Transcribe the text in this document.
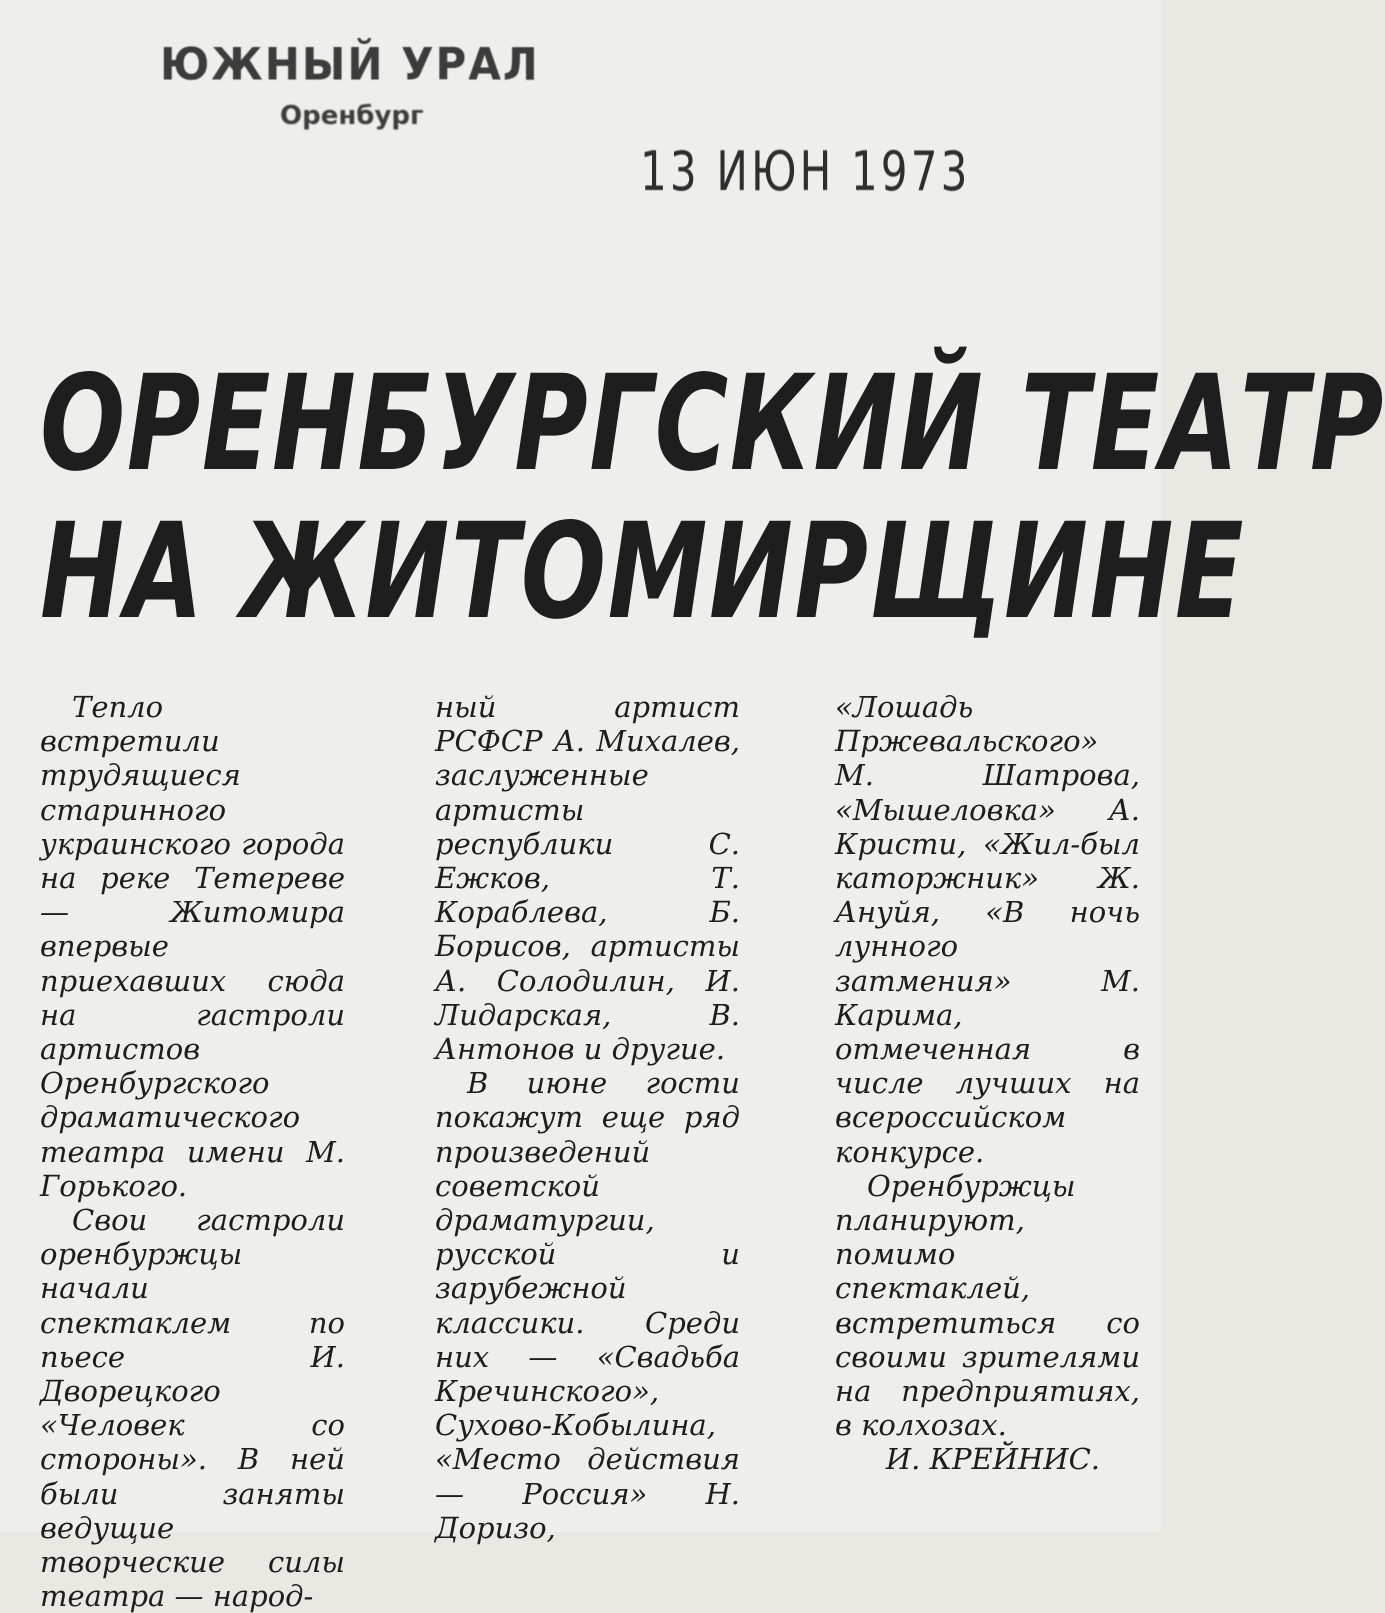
ЮЖНЫЙ УРАЛ
Оренбург
13 ИЮН 1973
ОРЕНБУРГСКИЙ ТЕАТР
НА ЖИТОМИРЩИНЕ

Тепло встретили трудящиеся старинного украинского города на реке Тетереве — Житомира впервые приехавших сюда на гастроли артистов Оренбургского драматического театра имени М. Горького.

Свои гастроли оренбуржцы начали спектаклем по пьесе И. Дворецкого «Человек со стороны». В ней были заняты ведущие творческие силы театра — народ-

ный артист РСФСР А. Михалев, заслуженные артисты республики С. Ежков, Т. Кораблева, Б. Борисов, артисты А. Солодилин, И. Лидарская, В. Антонов и другие.

В июне гости покажут еще ряд произведений советской драматургии, русской и зарубежной классики. Среди них — «Свадьба Кречинского», Сухово-Кобылина, «Место действия — Россия» Н. Доризо,

«Лошадь Пржевальского» М. Шатрова, «Мышеловка» А. Кристи, «Жил-был каторжник» Ж. Ануйя, «В ночь лунного затмения» М. Карима, отмеченная в числе лучших на всероссийском конкурсе.

Оренбуржцы планируют, помимо спектаклей, встретиться со своими зрителями на предприятиях, в колхозах.

И. КРЕЙНИС.
